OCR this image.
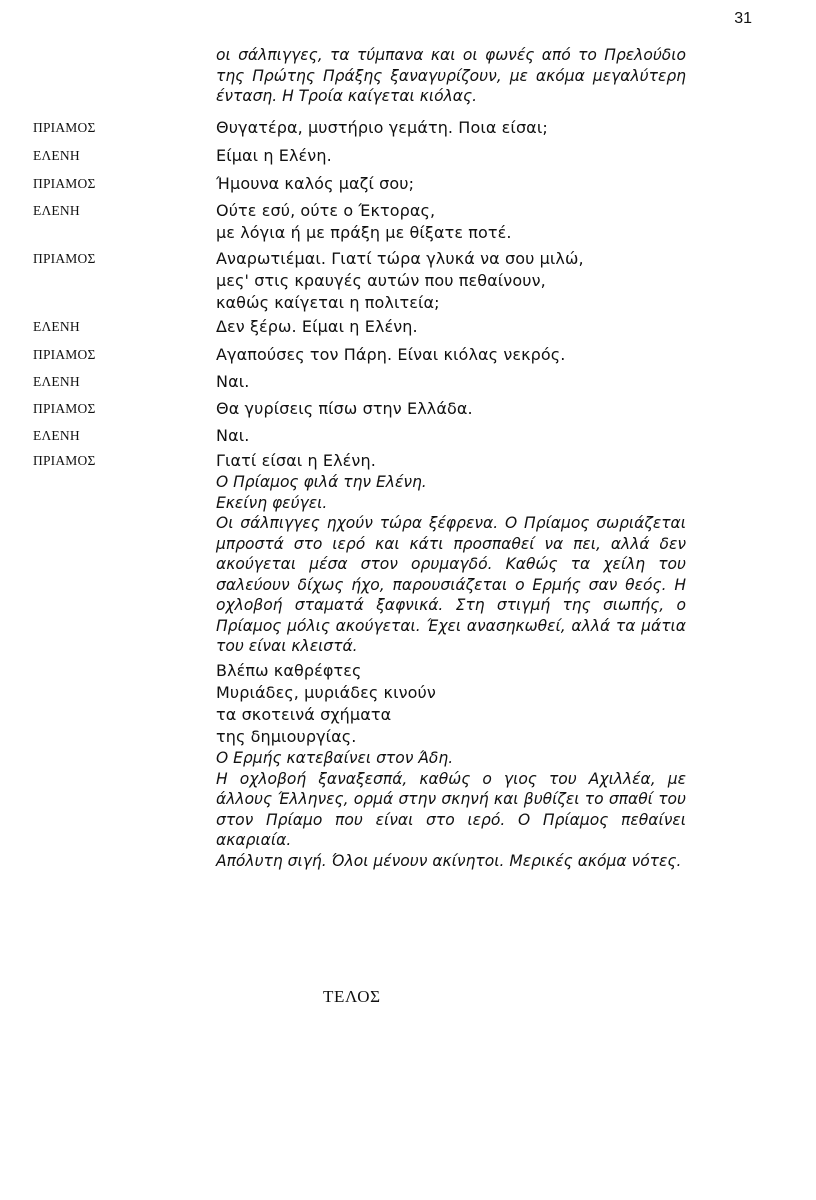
31
οι σάλπιγγες, τα τύμπανα και οι φωνές από το Πρελούδιο της Πρώτης Πράξης ξαναγυρίζουν, με ακόμα μεγαλύτερη ένταση. Η Τροία καίγεται κιόλας.
ΠΡΙΑΜΟΣ	Θυγατέρα, μυστήριο γεμάτη. Ποια είσαι;
ΕΛΕΝΗ	Είμαι η Ελένη.
ΠΡΙΑΜΟΣ	Ήμουνα καλός μαζί σου;
ΕΛΕΝΗ	Ούτε εσύ, ούτε ο Έκτορας,
με λόγια ή με πράξη με θίξατε ποτέ.
ΠΡΙΑΜΟΣ	Αναρωτιέμαι. Γιατί τώρα γλυκά να σου μιλώ,
μες' στις κραυγές αυτών που πεθαίνουν,
καθώς καίγεται η πολιτεία;
ΕΛΕΝΗ	Δεν ξέρω. Είμαι η Ελένη.
ΠΡΙΑΜΟΣ	Αγαπούσες τον Πάρη. Είναι κιόλας νεκρός.
ΕΛΕΝΗ	Ναι.
ΠΡΙΑΜΟΣ	Θα γυρίσεις πίσω στην Ελλάδα.
ΕΛΕΝΗ	Ναι.
ΠΡΙΑΜΟΣ	Γιατί είσαι η Ελένη.
Ο Πρίαμος φιλά την Ελένη.
Εκείνη φεύγει.
Οι σάλπιγγες ηχούν τώρα ξέφρενα. Ο Πρίαμος σωριάζεται μπροστά στο ιερό και κάτι προσπαθεί να πει, αλλά δεν ακούγεται μέσα στον ορυμαγδό. Καθώς τα χείλη του σαλεύουν δίχως ήχο, παρουσιάζεται ο Ερμής σαν θεός. Η οχλοβοή σταματά ξαφνικά. Στη στιγμή της σιωπής, ο Πρίαμος μόλις ακούγεται. Έχει ανασηκωθεί, αλλά τα μάτια του είναι κλειστά.
Βλέπω καθρέφτες
Μυριάδες, μυριάδες κινούν
τα σκοτεινά σχήματα
της δημιουργίας.
Ο Ερμής κατεβαίνει στον Άδη.
Η οχλοβοή ξαναξεσπά, καθώς ο γιος του Αχιλλέα, με άλλους Έλληνες, ορμά στην σκηνή και βυθίζει το σπαθί του στον Πρίαμο που είναι στο ιερό. Ο Πρίαμος πεθαίνει ακαριαία.
Απόλυτη σιγή. Όλοι μένουν ακίνητοι. Μερικές ακόμα νότες.
ΤΕΛΟΣ
